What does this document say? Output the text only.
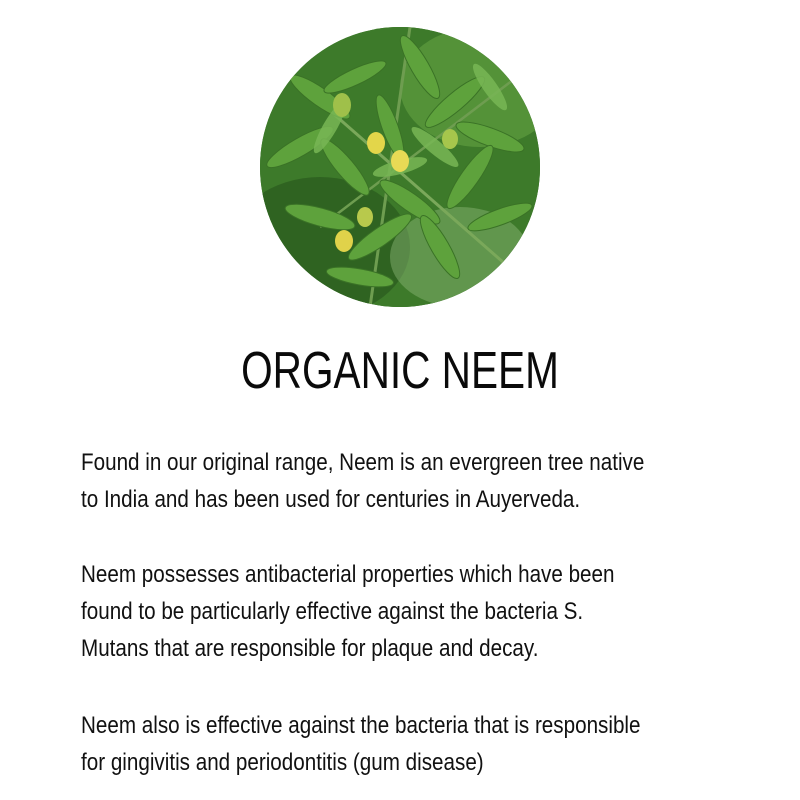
ORGANIC NEEM
Found in our original range, Neem is an evergreen tree native
to India and has been used for centuries in Auyerveda.
Neem possesses antibacterial properties which have been
found to be particularly effective against the bacteria S.
Mutans that are responsible for plaque and decay.
Neem also is effective against the bacteria that is responsible
for gingivitis and periodontitis (gum disease)
